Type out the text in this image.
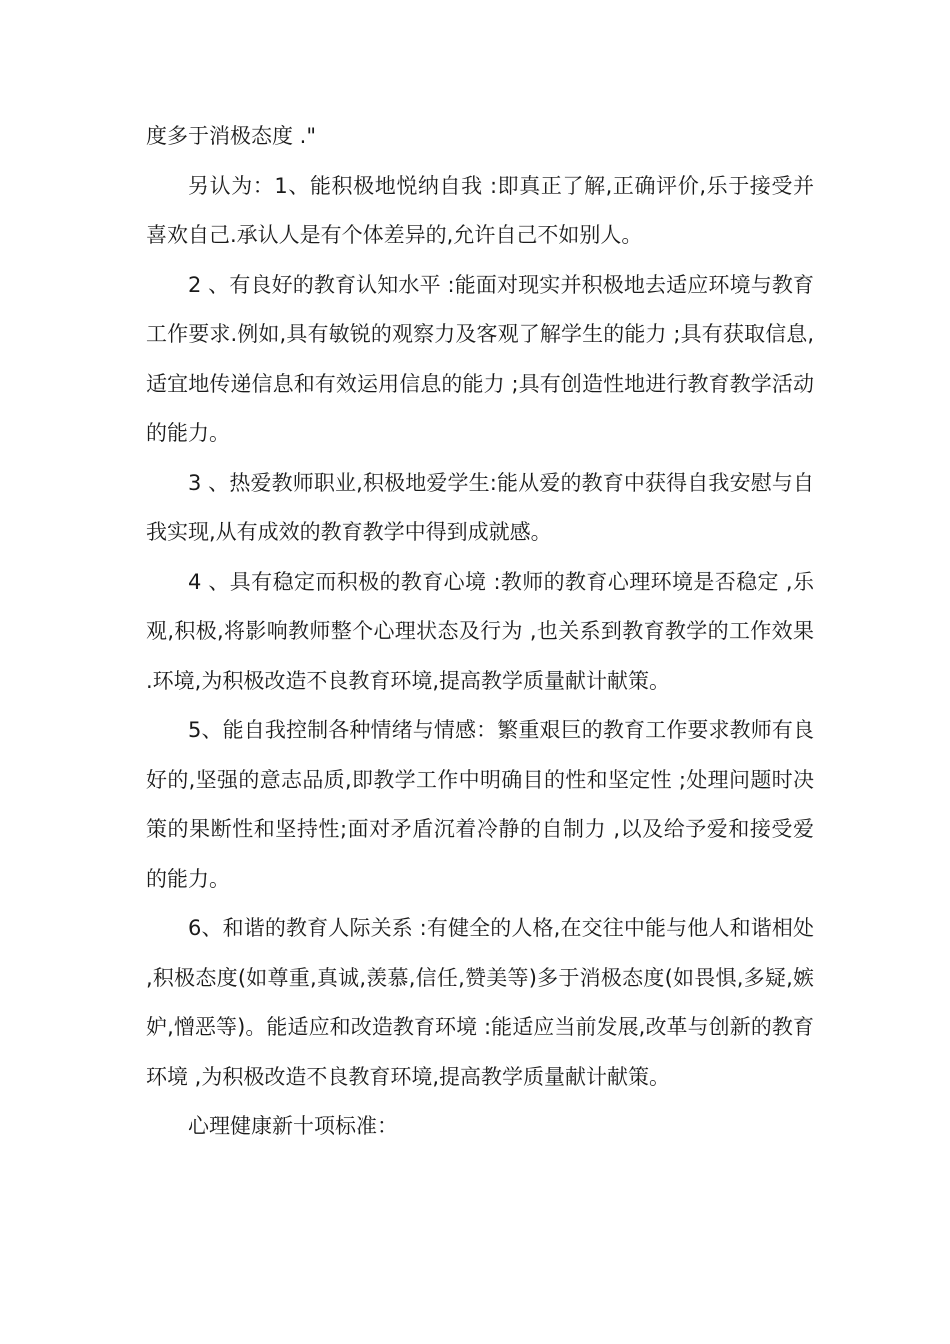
度多于消极态度 ."

另认为：1、能积极地悦纳自我 :即真正了解,正确评价,乐于接受并喜欢自己.承认人是有个体差异的,允许自己不如别人。

2 、有良好的教育认知水平 :能面对现实并积极地去适应环境与教育工作要求.例如,具有敏锐的观察力及客观了解学生的能力 ;具有获取信息,适宜地传递信息和有效运用信息的能力 ;具有创造性地进行教育教学活动的能力。

3 、热爱教师职业,积极地爱学生:能从爱的教育中获得自我安慰与自我实现,从有成效的教育教学中得到成就感。

4 、具有稳定而积极的教育心境 :教师的教育心理环境是否稳定 ,乐观,积极,将影响教师整个心理状态及行为 ,也关系到教育教学的工作效果 .环境,为积极改造不良教育环境,提高教学质量献计献策。

5、能自我控制各种情绪与情感：繁重艰巨的教育工作要求教师有良好的,坚强的意志品质,即教学工作中明确目的性和坚定性 ;处理问题时决策的果断性和坚持性;面对矛盾沉着冷静的自制力 ,以及给予爱和接受爱的能力。

6、和谐的教育人际关系 :有健全的人格,在交往中能与他人和谐相处 ,积极态度(如尊重,真诚,羡慕,信任,赞美等)多于消极态度(如畏惧,多疑,嫉妒,憎恶等)。能适应和改造教育环境 :能适应当前发展,改革与创新的教育环境 ,为积极改造不良教育环境,提高教学质量献计献策。

心理健康新十项标准：
